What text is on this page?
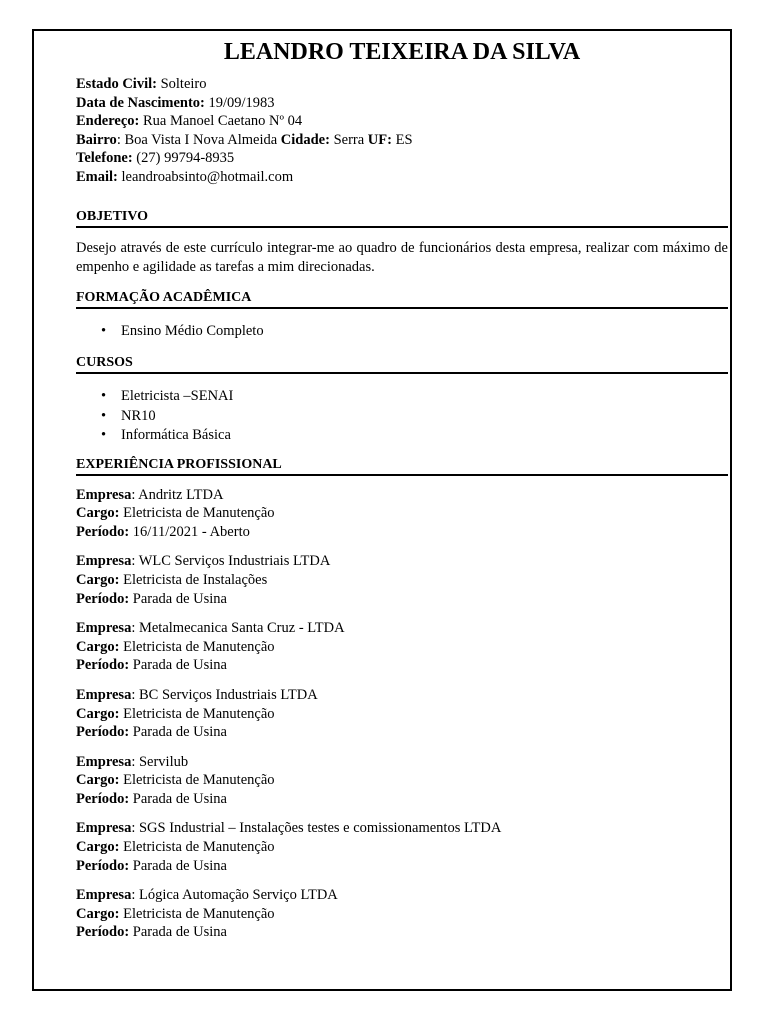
LEANDRO TEIXEIRA DA SILVA
Estado Civil: Solteiro
Data de Nascimento: 19/09/1983
Endereço: Rua Manoel Caetano Nº 04
Bairro: Boa Vista I Nova Almeida Cidade: Serra UF: ES
Telefone: (27) 99794-8935
Email: leandroabsinto@hotmail.com
OBJETIVO
Desejo através de este currículo integrar-me ao quadro de funcionários desta empresa, realizar com máximo de empenho e agilidade as tarefas a mim direcionadas.
FORMAÇÃO ACADÊMICA
• Ensino Médio Completo
CURSOS
• Eletricista –SENAI
• NR10
• Informática Básica
EXPERIÊNCIA PROFISSIONAL
Empresa: Andritz LTDA
Cargo: Eletricista de Manutenção
Período: 16/11/2021 - Aberto
Empresa: WLC Serviços Industriais LTDA
Cargo: Eletricista de Instalações
Período: Parada de Usina
Empresa: Metalmecanica Santa Cruz - LTDA
Cargo: Eletricista de Manutenção
Período: Parada de Usina
Empresa: BC Serviços Industriais LTDA
Cargo: Eletricista de Manutenção
Período: Parada de Usina
Empresa: Servilub
Cargo: Eletricista de Manutenção
Período: Parada de Usina
Empresa: SGS Industrial – Instalações testes e comissionamentos LTDA
Cargo: Eletricista de Manutenção
Período: Parada de Usina
Empresa: Lógica Automação Serviço LTDA
Cargo: Eletricista de Manutenção
Período: Parada de Usina
